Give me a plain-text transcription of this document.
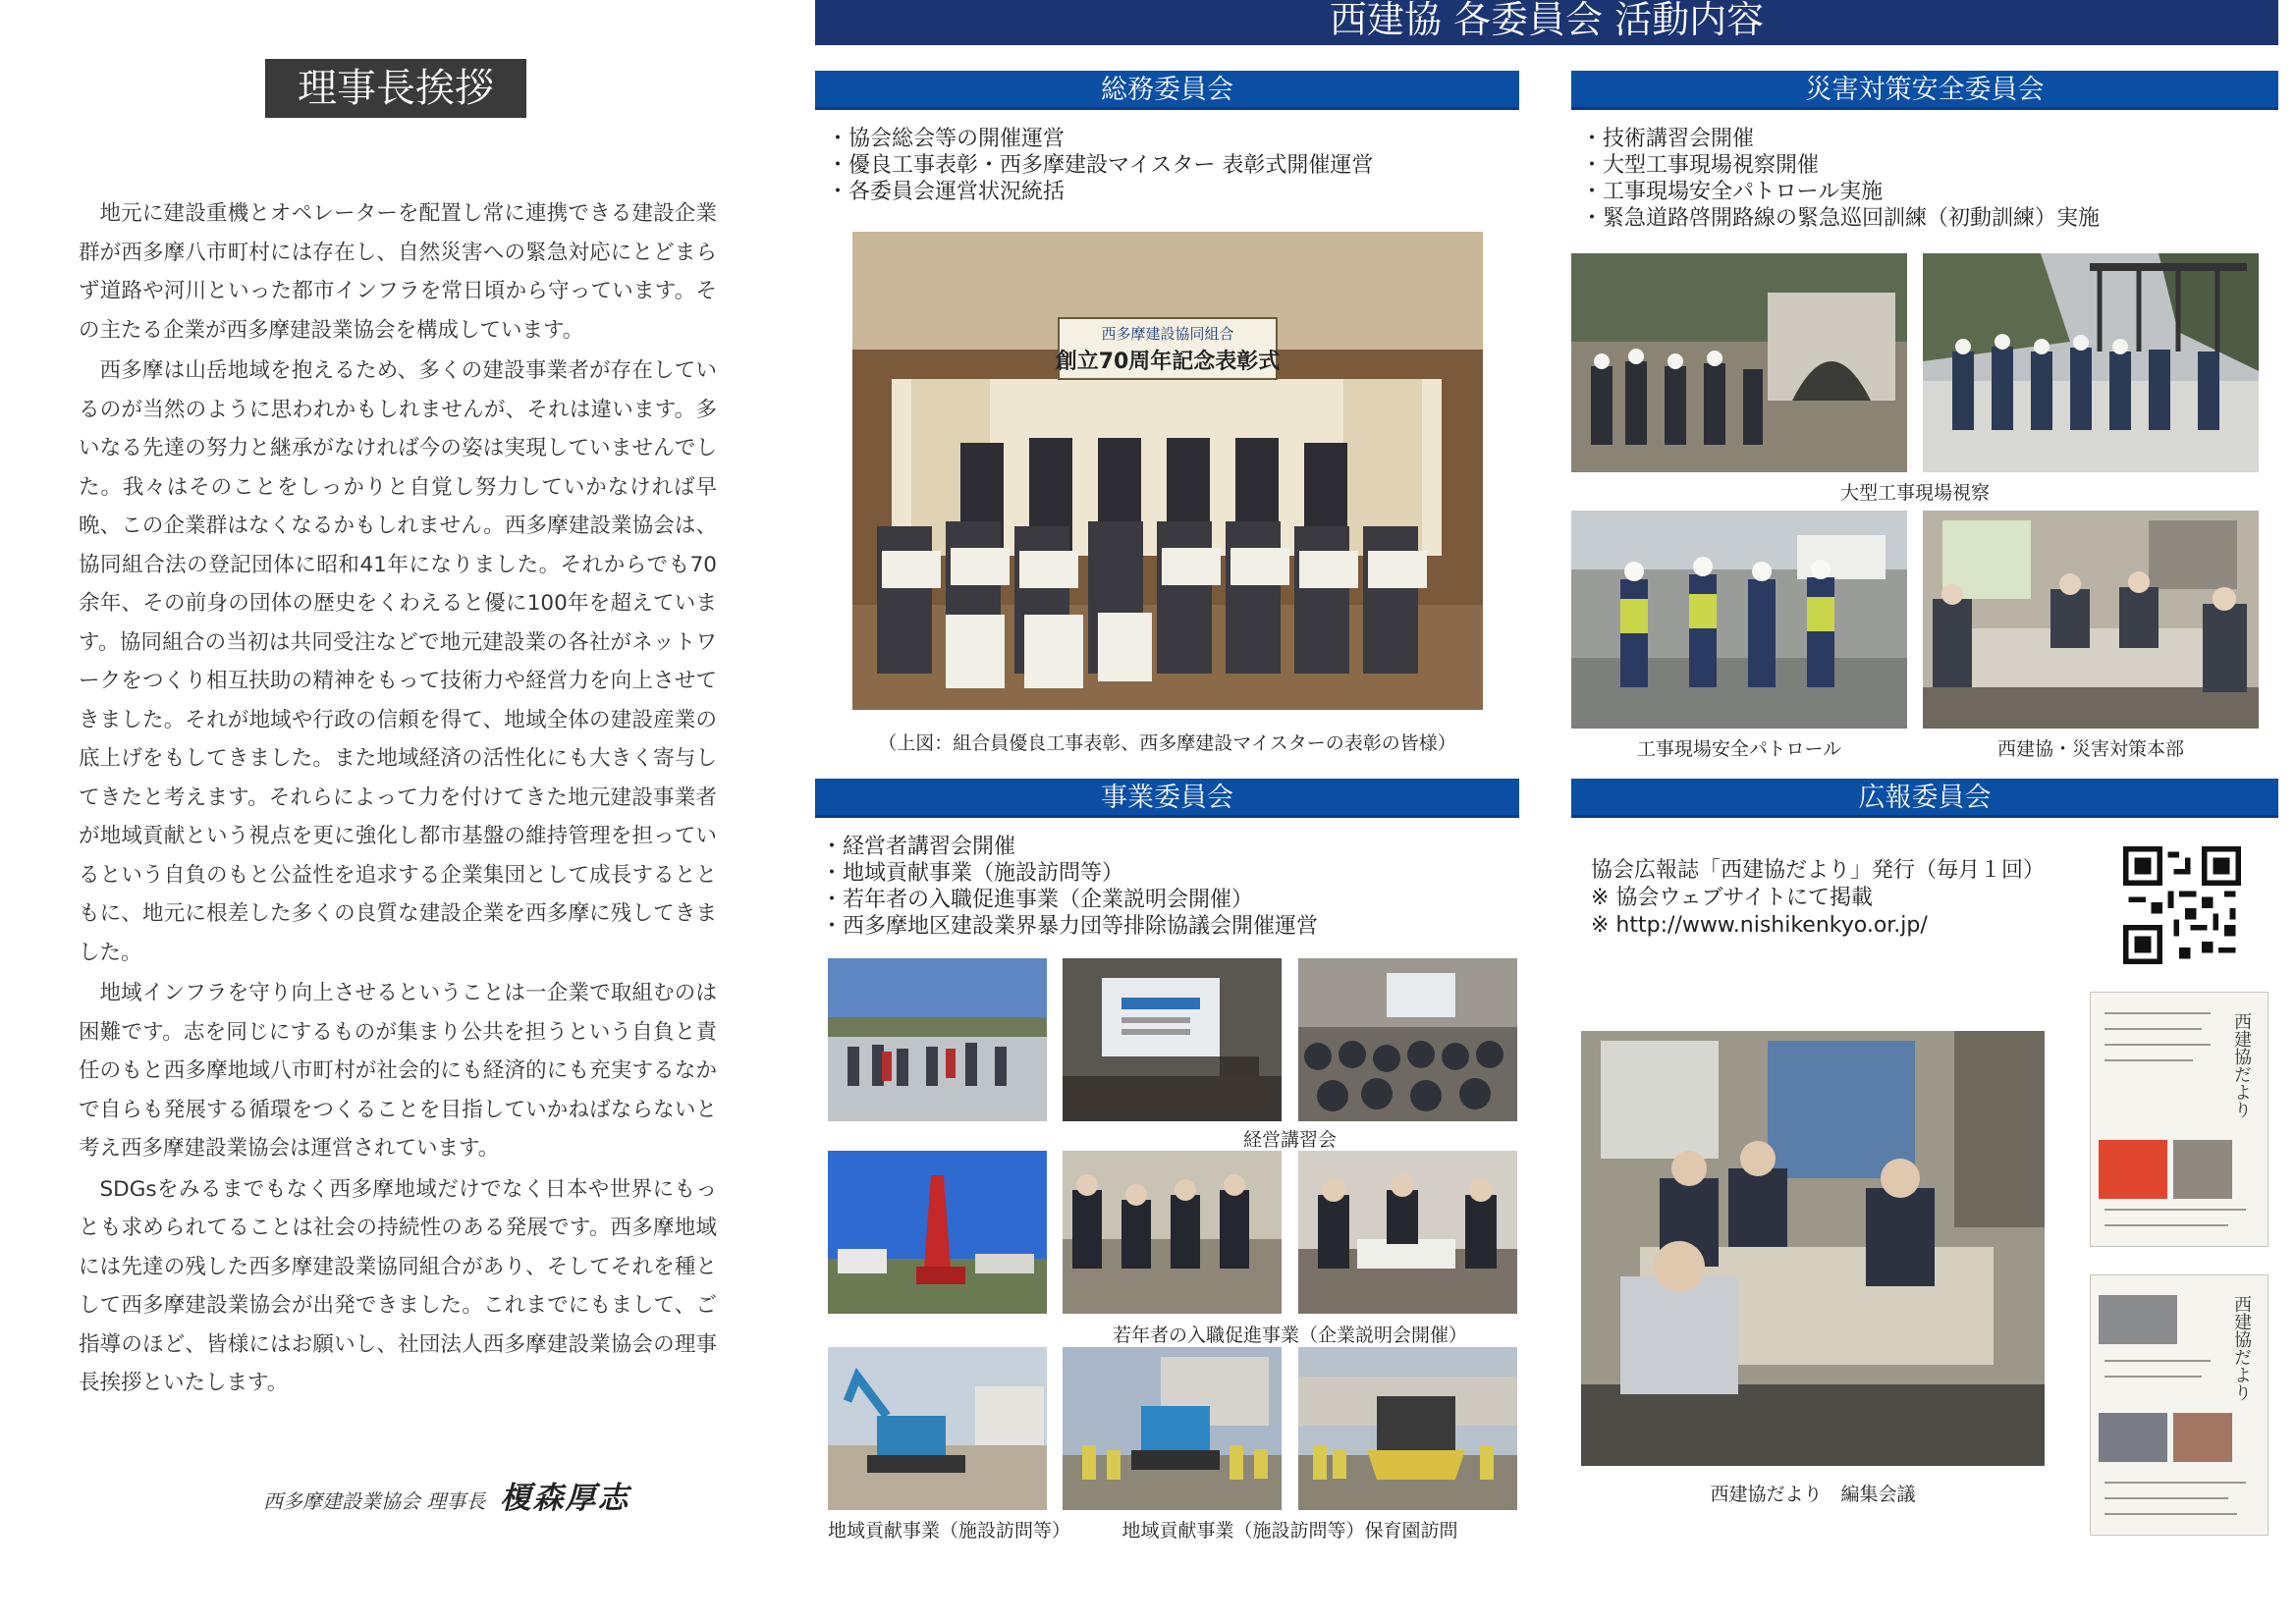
理事長挨拶

地元に建設重機とオペレーターを配置し常に連携できる建設企業群が西多摩八市町村には存在し、自然災害への緊急対応にとどまらず道路や河川といった都市インフラを常日頃から守っています。その主たる企業が西多摩建設業協会を構成しています。

西多摩は山岳地域を抱えるため、多くの建設事業者が存在しているのが当然のように思われかもしれませんが、それは違います。多いなる先達の努力と継承がなければ今の姿は実現していませんでした。我々はそのことをしっかりと自覚し努力していかなければ早晩、この企業群はなくなるかもしれません。西多摩建設業協会は、協同組合法の登記団体に昭和41年になりました。それからでも70余年、その前身の団体の歴史をくわえると優に100年を超えています。協同組合の当初は共同受注などで地元建設業の各社がネットワークをつくり相互扶助の精神をもって技術力や経営力を向上させてきました。それが地域や行政の信頼を得て、地域全体の建設産業の底上げをもしてきました。また地域経済の活性化にも大きく寄与してきたと考えます。それらによって力を付けてきた地元建設事業者が地域貢献という視点を更に強化し都市基盤の維持管理を担っているという自負のもと公益性を追求する企業集団として成長するとともに、地元に根差した多くの良質な建設企業を西多摩に残してきました。

地域インフラを守り向上させるということは一企業で取組むのは困難です。志を同じにするものが集まり公共を担うという自負と責任のもと西多摩地域八市町村が社会的にも経済的にも充実するなかで自らも発展する循環をつくることを目指していかねばならないと考え西多摩建設業協会は運営されています。

SDGsをみるまでもなく西多摩地域だけでなく日本や世界にもっとも求められてることは社会の持続性のある発展です。西多摩地域には先達の残した西多摩建設業協同組合があり、そしてそれを種として西多摩建設業協会が出発できました。これまでにもまして、ご指導のほど、皆様にはお願いし、社団法人西多摩建設業協会の理事長挨拶といたします。

西多摩建設業協会 理事長 榎森厚志
西建協 各委員会 活動内容
総務委員会
・ 協会総会等の開催運営
・ 優良工事表彰・西多摩建設マイスター 表彰式開催運営
・ 各委員会運営状況統括
西多摩建設協同組合
創立70周年記念表彰式
（上図：組合員優良工事表彰、西多摩建設マイスターの表彰の皆様）
災害対策安全委員会
・ 技術講習会開催
・ 大型工事現場視察開催
・ 工事現場安全パトロール実施
・ 緊急道路啓開路線の緊急巡回訓練（初動訓練）実施
大型工事現場視察
工事現場安全パトロール	西建協・災害対策本部
事業委員会
・ 経営者講習会開催
・ 地域貢献事業（施設訪問等）
・ 若年者の入職促進事業（企業説明会開催）
・ 西多摩地区建設業界暴力団等排除協議会開催運営
経営講習会
若年者の入職促進事業（企業説明会開催）
地域貢献事業（施設訪問等）	地域貢献事業（施設訪問等）保育園訪問
広報委員会
協会広報誌「西建協だより」発行（毎月１回）
※ 協会ウェブサイトにて掲載
※ http://www.nishikenkyo.or.jp/
西建協だより　編集会議
西建協だより
西建協だより
